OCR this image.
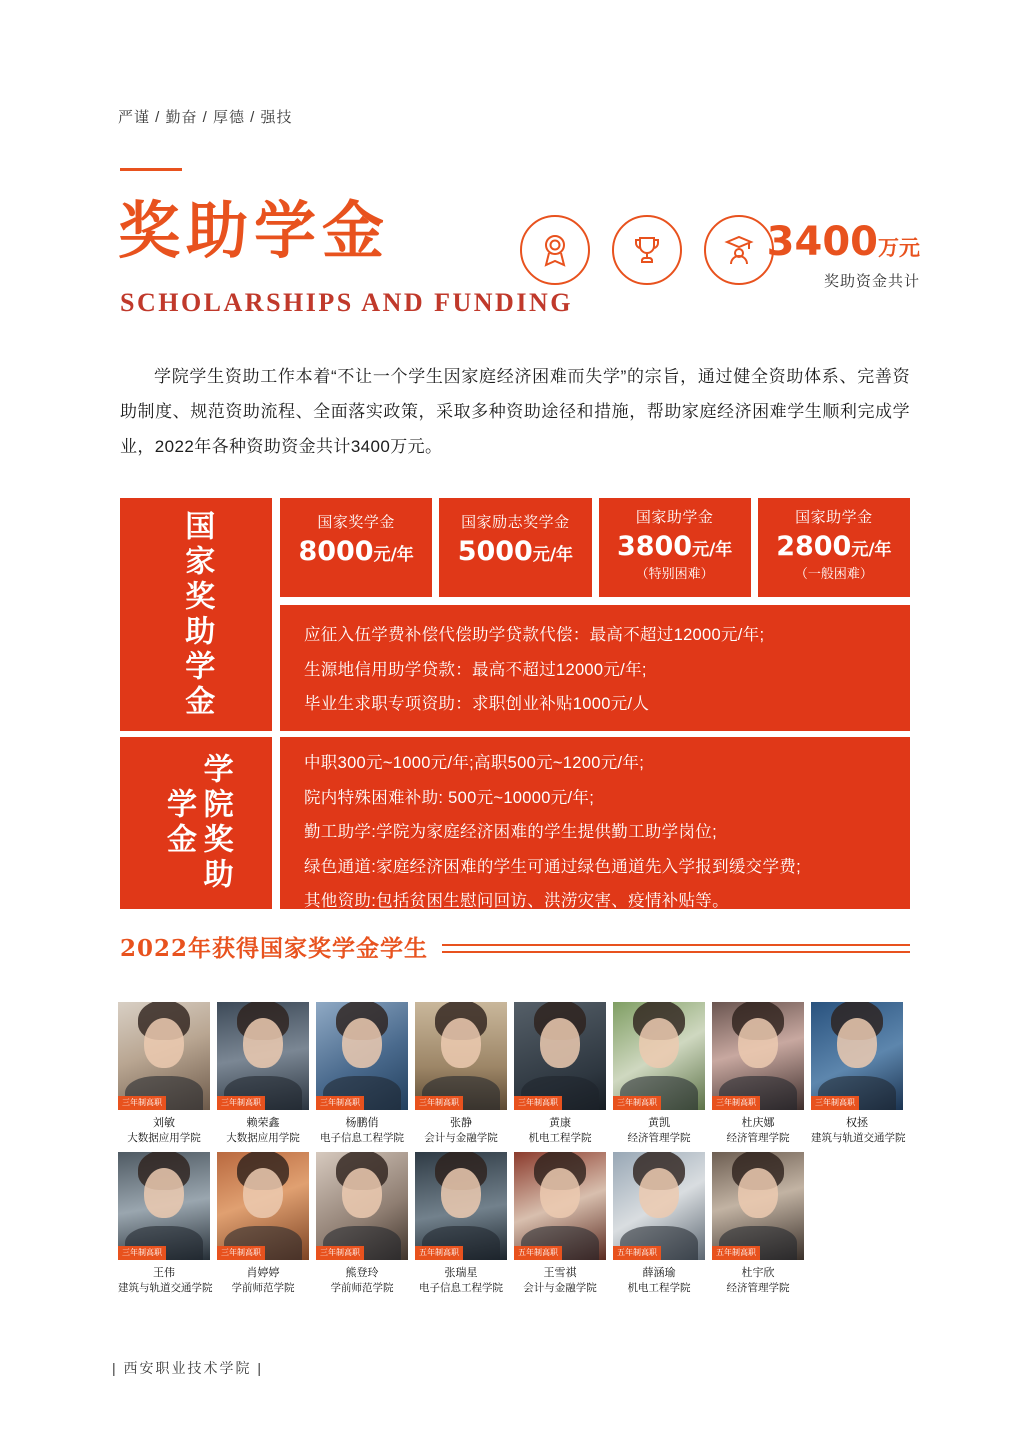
严谨 / 勤奋 / 厚德 / 强技
奖助学金
SCHOLARSHIPS AND FUNDING
3400万元
奖助资金共计
学院学生资助工作本着“不让一个学生因家庭经济困难而失学”的宗旨，通过健全资助体系、完善资助制度、规范资助流程、全面落实政策，采取多种资助途径和措施，帮助家庭经济困难学生顺利完成学业，2022年各种资助资金共计3400万元。
国家奖助学金	国家奖学金
8000元/年
国家励志奖学金
5000元/年
国家助学金
3800元/年
（特别困难）
国家助学金
2800元/年
（一般困难）

应征入伍学费补偿代偿助学贷款代偿：最高不超过12000元/年;

生源地信用助学贷款：最高不超过12000元/年;

毕业生求职专项资助：求职创业补贴1000元/人

学院奖助学金

中职300元~1000元/年;高职500元~1200元/年;

院内特殊困难补助: 500元~10000元/年;

勤工助学:学院为家庭经济困难的学生提供勤工助学岗位;

绿色通道:家庭经济困难的学生可通过绿色通道先入学报到缓交学费;

其他资助:包括贫困生慰问回访、洪涝灾害、疫情补贴等。

2022年获得国家奖学金学生
三年制高职
刘敏
大数据应用学院
三年制高职
赖荣鑫
大数据应用学院
三年制高职
杨鹏俏
电子信息工程学院
三年制高职
张静
会计与金融学院
三年制高职
黄康
机电工程学院
三年制高职
黄凯
经济管理学院
三年制高职
杜庆娜
经济管理学院
三年制高职
权拯
建筑与轨道交通学院
三年制高职
王伟
建筑与轨道交通学院
三年制高职
肖婷婷
学前师范学院
三年制高职
熊登玲
学前师范学院
五年制高职
张瑞星
电子信息工程学院
五年制高职
王雪祺
会计与金融学院
五年制高职
薛涵瑜
机电工程学院
五年制高职
杜宇欣
经济管理学院
| 西安职业技术学院 |
